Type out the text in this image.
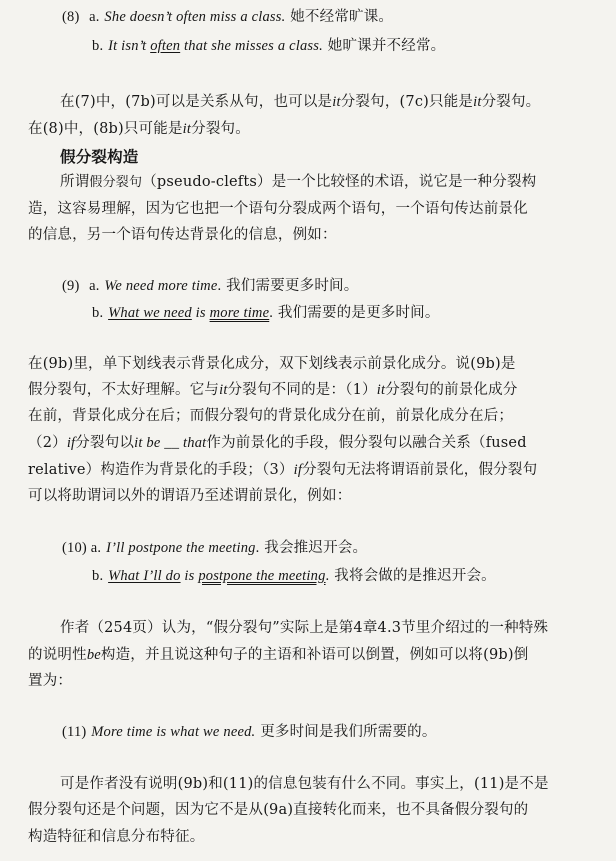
(8) a. She doesn’t often miss a class. 她不经常旷课。
b. It isn’t often that she misses a class. 她旷课并不经常。
在(7)中，(7b)可以是关系从句，也可以是it分裂句，(7c)只能是it分裂句。
在(8)中，(8b)只可能是it分裂句。
假分裂构造
所谓假分裂句（pseudo-clefts）是一个比较怪的术语，说它是一种分裂构
造，这容易理解，因为它也把一个语句分裂成两个语句，一个语句传达前景化
的信息，另一个语句传达背景化的信息，例如：
(9) a. We need more time. 我们需要更多时间。
b. What we need is more time. 我们需要的是更多时间。
在(9b)里，单下划线表示背景化成分，双下划线表示前景化成分。说(9b)是
假分裂句，不太好理解。它与it分裂句不同的是：（1）it分裂句的前景化成分
在前，背景化成分在后；而假分裂句的背景化成分在前，前景化成分在后；
（2）if分裂句以it be __ that作为前景化的手段，假分裂句以融合关系（fused
relative）构造作为背景化的手段；（3）if分裂句无法将谓语前景化，假分裂句
可以将助谓词以外的谓语乃至述谓前景化，例如：
(10) a. I’ll postpone the meeting. 我会推迟开会。
b. What I’ll do is postpone the meeting. 我将会做的是推迟开会。
作者（254页）认为，“假分裂句”实际上是第4章4.3节里介绍过的一种特殊
的说明性be构造，并且说这种句子的主语和补语可以倒置，例如可以将(9b)倒
置为：
(11) More time is what we need. 更多时间是我们所需要的。
可是作者没有说明(9b)和(11)的信息包装有什么不同。事实上，(11)是不是
假分裂句还是个问题，因为它不是从(9a)直接转化而来，也不具备假分裂句的
构造特征和信息分布特征。
